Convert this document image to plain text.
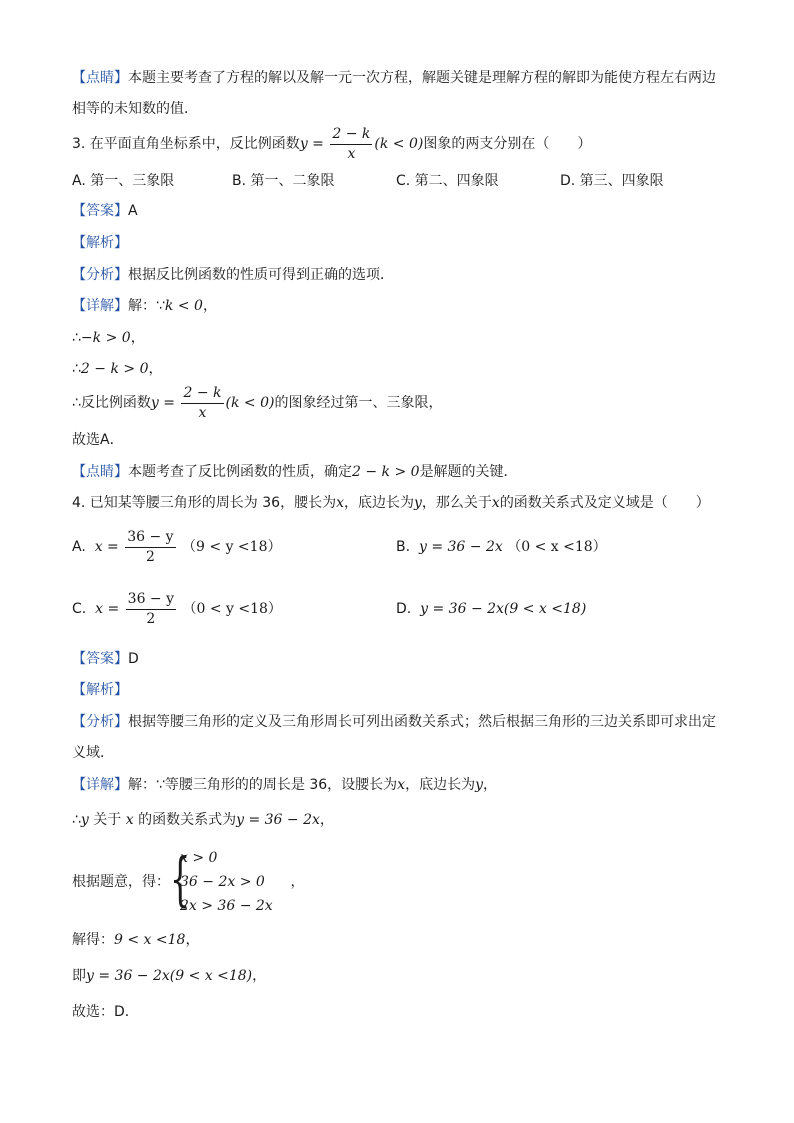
【点睛】本题主要考查了方程的解以及解一元一次方程，解题关键是理解方程的解即为能使方程左右两边
相等的未知数的值．
3. 在平面直角坐标系中，反比例函数$y = \frac{2 - k}{x} (k < 0)$图象的两支分别在（　　）
A. 第一、三象限	B. 第一、二象限	C. 第二、四象限	D. 第三、四象限
【答案】A
【解析】
【分析】根据反比例函数的性质可得到正确的选项．
【详解】解：∵k < 0，
∴−k > 0，
∴2 − k > 0，
∴反比例函数$y = \frac{2 - k}{x} (k < 0)$的图象经过第一、三象限，
故选A．
【点睛】本题考查了反比例函数的性质，确定2 − k > 0是解题的关键．
4. 已知某等腰三角形的周长为 36，腰长为x，底边长为y，那么关于x的函数关系式及定义域是（　　）
A. $x = \frac{36 - y}{2} (9 < y <18)$	B. y = 36 − 2x （0 < x <18）
C. $x = \frac{36 - y}{2} (0 < y <18)$	D. y = 36 − 2x(9 < x <18)
【答案】D
【解析】
【分析】根据等腰三角形的定义及三角形周长可列出函数关系式；然后根据三角形的三边关系即可求出定
义域．
【详解】解：∵等腰三角形的的周长是 36，设腰长为x，底边长为y，
∴y 关于 x 的函数关系式为y = 36 − 2x，
根据题意，得： {
x > 0
36 − 2x > 0
2x > 36 − 2x
，
解得：9 < x <18，
即y = 36 − 2x(9 < x <18)，
故选：D．
